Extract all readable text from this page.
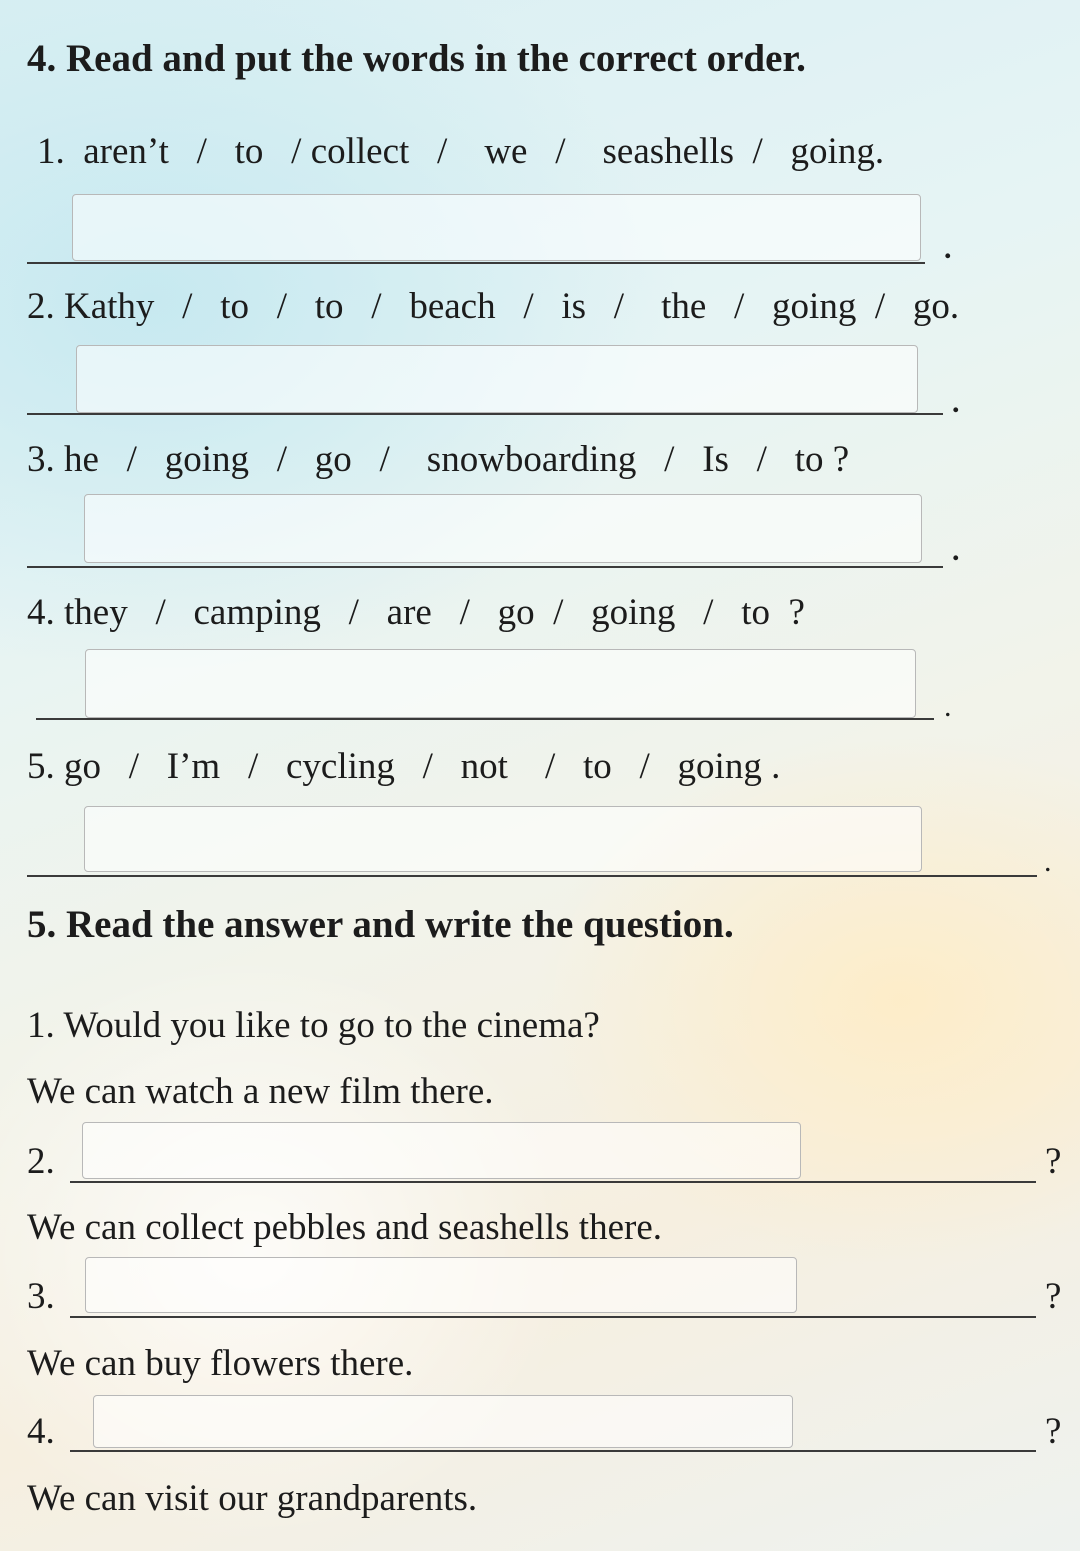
4. Read and put the words in the correct order.
1.  aren’t   /   to   / collect   /    we   /    seashells  /   going.
.
2. Kathy   /   to   /   to   /   beach   /   is   /    the   /   going  /   go.
.
3. he   /   going   /   go   /    snowboarding   /   Is   /   to ?
.
4. they   /   camping   /   are   /   go  /   going   /   to  ?
.
5. go   /   I’m   /   cycling   /   not    /   to   /   going .
.
5. Read the answer and write the question.
1. Would you like to go to the cinema?
We can watch a new film there.
2.	?
We can collect pebbles and seashells there.
3.	?
We can buy flowers there.
4.	?
We can visit our grandparents.
